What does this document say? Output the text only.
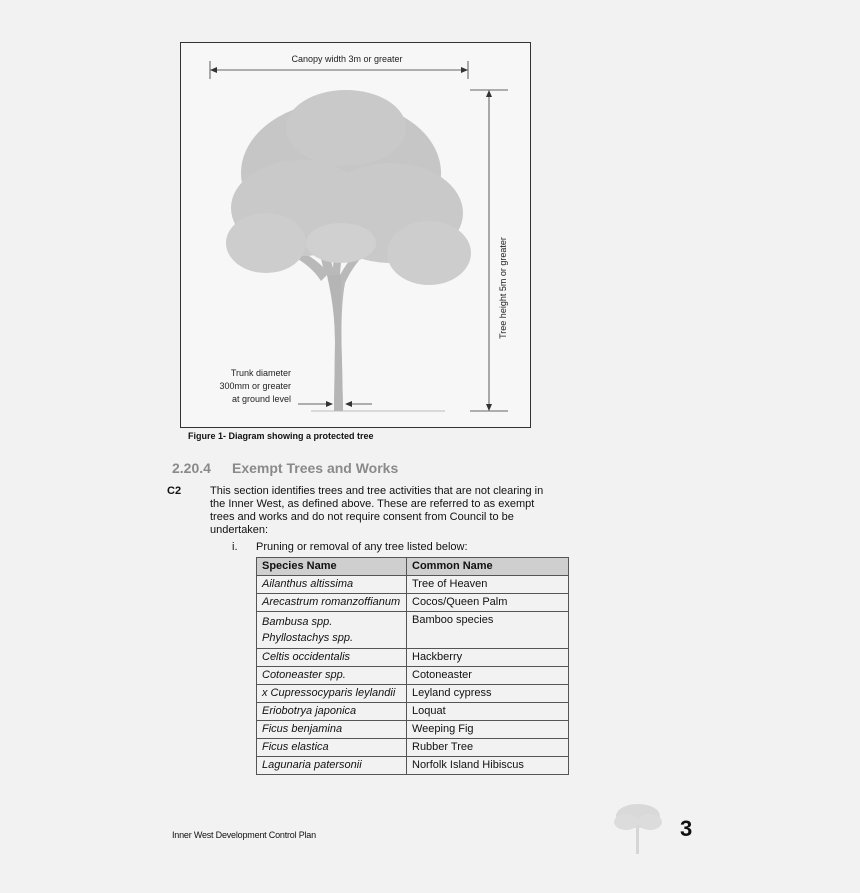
Canopy width 3m or greater
Tree height 5m or greater
Trunk diameter
300mm or greater
at ground level
Figure 1- Diagram showing a protected tree
2.20.4 Exempt Trees and Works
C2	This section identifies trees and tree activities that are not clearing in the Inner West, as defined above. These are referred to as exempt trees and works and do not require consent from Council to be undertaken:
i. Pruning or removal of any tree listed below:
Species Name	Common Name
Ailanthus altissima	Tree of Heaven
Arecastrum romanzoffianum	Cocos/Queen Palm
Bambusa spp.
Phyllostachys spp.	Bamboo species
Celtis occidentalis	Hackberry
Cotoneaster spp.	Cotoneaster
x Cupressocyparis leylandii	Leyland cypress
Eriobotrya japonica	Loquat
Ficus benjamina	Weeping Fig
Ficus elastica	Rubber Tree
Lagunaria patersonii	Norfolk Island Hibiscus
Inner West Development Control Plan	3
